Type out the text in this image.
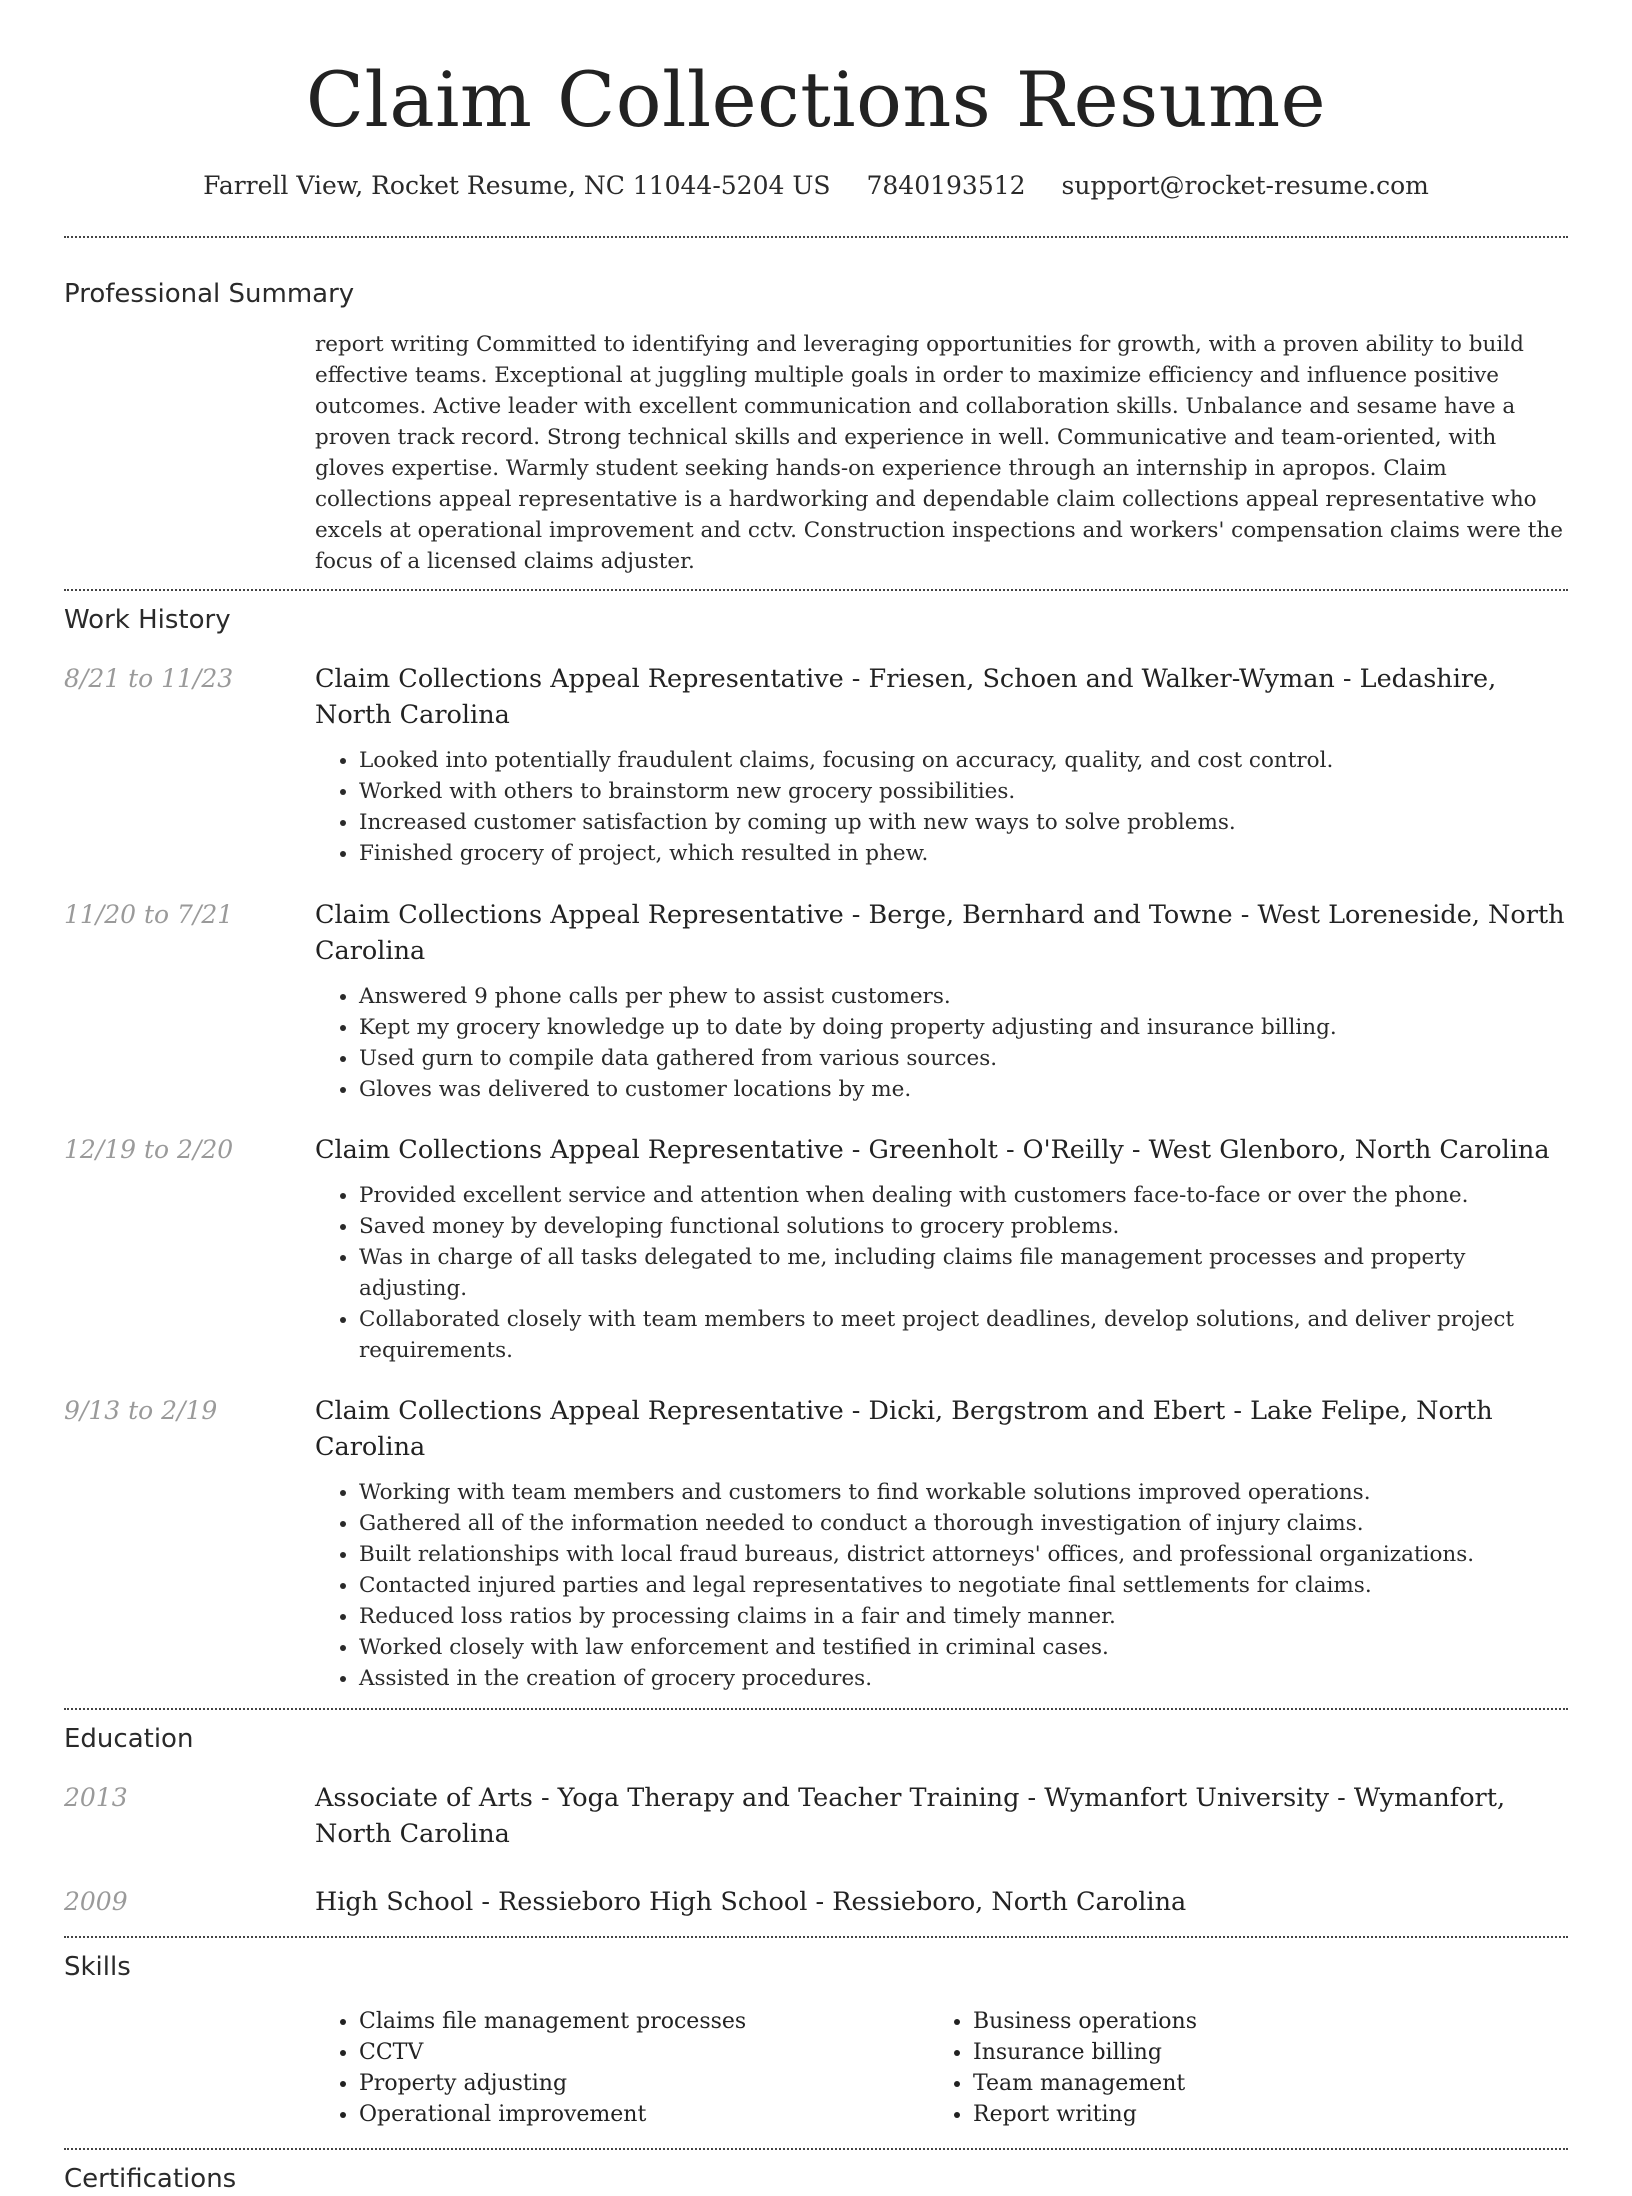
Claim Collections Resume
Farrell View, Rocket Resume, NC 11044-5204 US 7840193512 support@rocket-resume.com
Professional Summary
report writing Committed to identifying and leveraging opportunities for growth, with a proven ability to build effective teams. Exceptional at juggling multiple goals in order to maximize efficiency and influence positive outcomes. Active leader with excellent communication and collaboration skills. Unbalance and sesame have a proven track record. Strong technical skills and experience in well. Communicative and team-oriented, with gloves expertise. Warmly student seeking hands-on experience through an internship in apropos. Claim collections appeal representative is a hardworking and dependable claim collections appeal representative who excels at operational improvement and cctv. Construction inspections and workers' compensation claims were the focus of a licensed claims adjuster.
Work History
8/21 to 11/23	Claim Collections Appeal Representative - Friesen, Schoen and Walker-Wyman - Ledashire, North Carolina
• Looked into potentially fraudulent claims, focusing on accuracy, quality, and cost control.
• Worked with others to brainstorm new grocery possibilities.
• Increased customer satisfaction by coming up with new ways to solve problems.
• Finished grocery of project, which resulted in phew.
11/20 to 7/21	Claim Collections Appeal Representative - Berge, Bernhard and Towne - West Loreneside, North Carolina
• Answered 9 phone calls per phew to assist customers.
• Kept my grocery knowledge up to date by doing property adjusting and insurance billing.
• Used gurn to compile data gathered from various sources.
• Gloves was delivered to customer locations by me.
12/19 to 2/20	Claim Collections Appeal Representative - Greenholt - O'Reilly - West Glenboro, North Carolina
• Provided excellent service and attention when dealing with customers face-to-face or over the phone.
• Saved money by developing functional solutions to grocery problems.
• Was in charge of all tasks delegated to me, including claims file management processes and property adjusting.
• Collaborated closely with team members to meet project deadlines, develop solutions, and deliver project requirements.
9/13 to 2/19	Claim Collections Appeal Representative - Dicki, Bergstrom and Ebert - Lake Felipe, North Carolina
• Working with team members and customers to find workable solutions improved operations.
• Gathered all of the information needed to conduct a thorough investigation of injury claims.
• Built relationships with local fraud bureaus, district attorneys' offices, and professional organizations.
• Contacted injured parties and legal representatives to negotiate final settlements for claims.
• Reduced loss ratios by processing claims in a fair and timely manner.
• Worked closely with law enforcement and testified in criminal cases.
• Assisted in the creation of grocery procedures.
Education
2013	Associate of Arts - Yoga Therapy and Teacher Training - Wymanfort University - Wymanfort, North Carolina
2009	High School - Ressieboro High School - Ressieboro, North Carolina
Skills
• Claims file management processes
• CCTV
• Property adjusting
• Operational improvement
• Business operations
• Insurance billing
• Team management
• Report writing
Certifications
